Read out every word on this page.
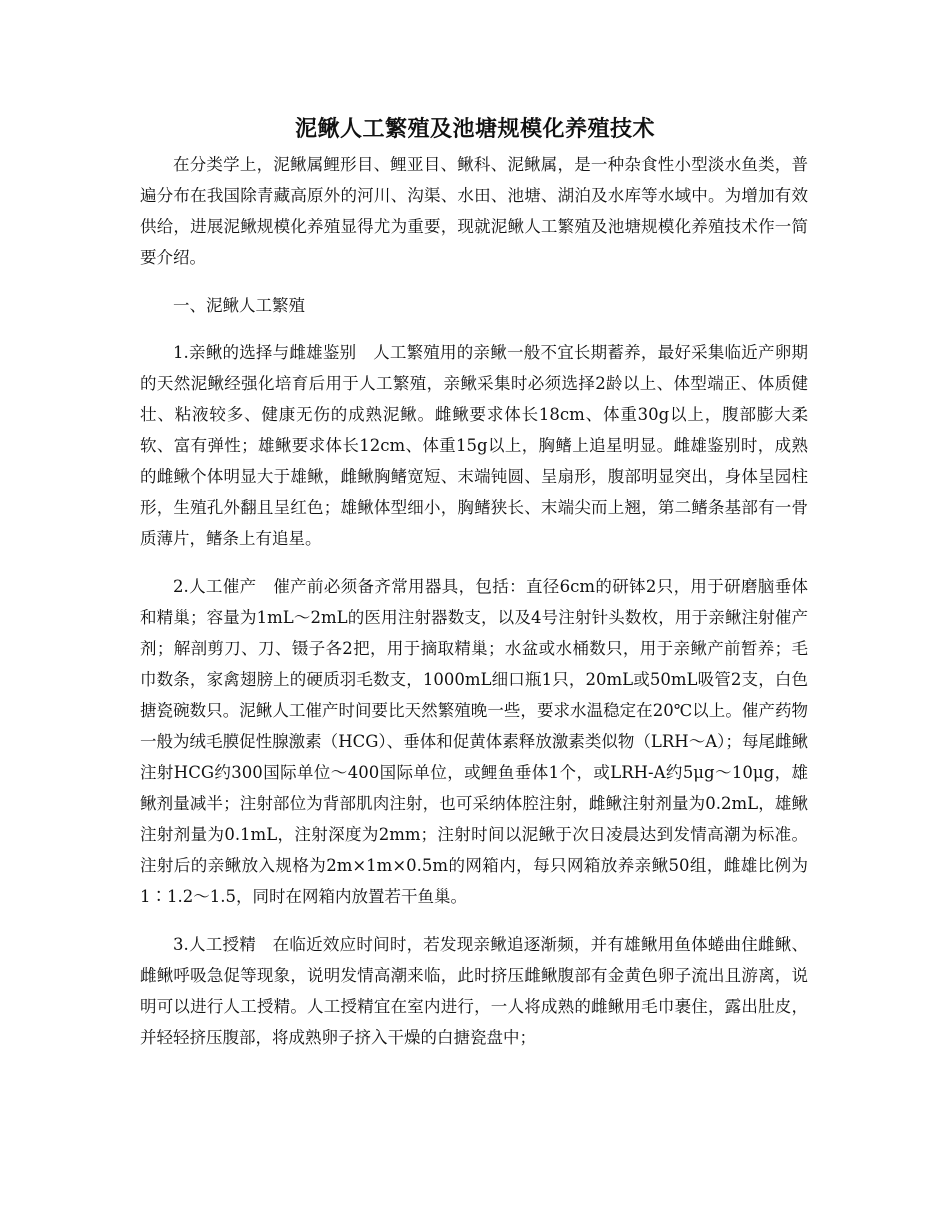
泥鳅人工繁殖及池塘规模化养殖技术

在分类学上，泥鳅属鲤形目、鲤亚目、鳅科、泥鳅属，是一种杂食性小型淡水鱼类，普遍分布在我国除青藏高原外的河川、沟渠、水田、池塘、湖泊及水库等水域中。为增加有效供给，进展泥鳅规模化养殖显得尤为重要，现就泥鳅人工繁殖及池塘规模化养殖技术作一简要介绍。

一、泥鳅人工繁殖

1.亲鳅的选择与雌雄鉴别 人工繁殖用的亲鳅一般不宜长期蓄养，最好采集临近产卵期的天然泥鳅经强化培育后用于人工繁殖，亲鳅采集时必须选择2龄以上、体型端正、体质健壮、粘液较多、健康无伤的成熟泥鳅。雌鳅要求体长18cm、体重30g以上，腹部膨大柔软、富有弹性；雄鳅要求体长12cm、体重15g以上，胸鳍上追星明显。雌雄鉴别时，成熟的雌鳅个体明显大于雄鳅，雌鳅胸鳍宽短、末端钝圆、呈扇形，腹部明显突出，身体呈园柱形，生殖孔外翻且呈红色；雄鳅体型细小，胸鳍狭长、末端尖而上翘，第二鳍条基部有一骨质薄片，鳍条上有追星。

2.人工催产 催产前必须备齐常用器具，包括：直径6cm的研钵2只，用于研磨脑垂体和精巢；容量为1mL～2mL的医用注射器数支，以及4号注射针头数枚，用于亲鳅注射催产剂；解剖剪刀、刀、镊子各2把，用于摘取精巢；水盆或水桶数只，用于亲鳅产前暂养；毛巾数条，家禽翅膀上的硬质羽毛数支，1000mL细口瓶1只，20mL或50mL吸管2支，白色搪瓷碗数只。泥鳅人工催产时间要比天然繁殖晚一些，要求水温稳定在20℃以上。催产药物一般为绒毛膜促性腺激素（HCG）、垂体和促黄体素释放激素类似物（LRH～A）；每尾雌鳅注射HCG约300国际单位～400国际单位，或鲤鱼垂体1个，或LRH-A约5μg～10μg，雄鳅剂量减半；注射部位为背部肌肉注射，也可采纳体腔注射，雌鳅注射剂量为0.2mL，雄鳅注射剂量为0.1mL，注射深度为2mm；注射时间以泥鳅于次日凌晨达到发情高潮为标准。注射后的亲鳅放入规格为2m×1m×0.5m的网箱内，每只网箱放养亲鳅50组，雌雄比例为1∶1.2～1.5，同时在网箱内放置若干鱼巢。

3.人工授精 在临近效应时间时，若发现亲鳅追逐渐频，并有雄鳅用鱼体蜷曲住雌鳅、雌鳅呼吸急促等现象，说明发情高潮来临，此时挤压雌鳅腹部有金黄色卵子流出且游离，说明可以进行人工授精。人工授精宜在室内进行，一人将成熟的雌鳅用毛巾裹住，露出肚皮，并轻轻挤压腹部，将成熟卵子挤入干燥的白搪瓷盘中；
